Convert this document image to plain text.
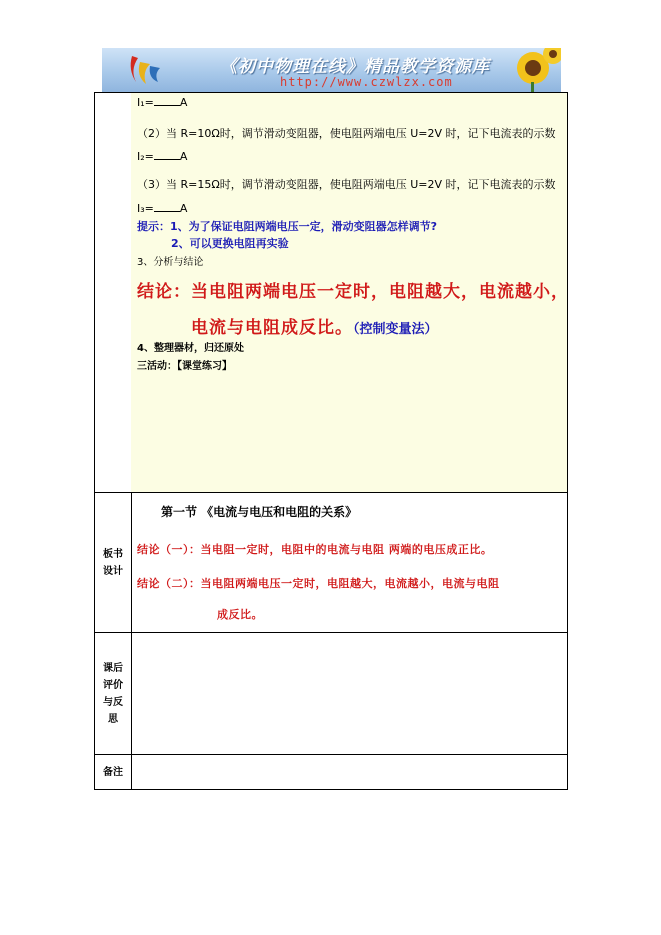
《初中物理在线》精品教学资源库
http://www.czwlzx.com
I₁= A
（2）当 R=10Ω时，调节滑动变阻器，使电阻两端电压 U=2V 时，记下电流表的示数
I₂= A
（3）当 R=15Ω时，调节滑动变阻器，使电阻两端电压 U=2V 时，记下电流表的示数
I₃= A
提示：1、为了保证电阻两端电压一定，滑动变阻器怎样调节?
2、可以更换电阻再实验
3、分析与结论
结论：当电阻两端电压一定时，电阻越大，电流越小，
电流与电阻成反比。（控制变量法）
4、整理器材，归还原处
三活动：【课堂练习】
板书
设计
第一节 《电流与电压和电阻的关系》
结论（一）：当电阻一定时，电阻中的电流与电阻 两端的电压成正比。
结论（二）：当电阻两端电压一定时，电阻越大，电流越小，电流与电阻
成反比。
课后
评价
与反
思
备注
